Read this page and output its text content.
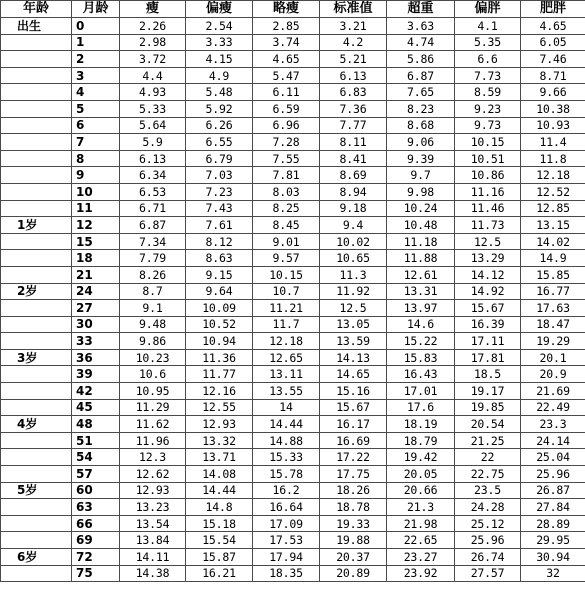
年龄	月龄	瘦	偏瘦	略瘦	标准值	超重	偏胖	肥胖
出生	0	2.26	2.54	2.85	3.21	3.63	4.1	4.65
	1	2.98	3.33	3.74	4.2	4.74	5.35	6.05
	2	3.72	4.15	4.65	5.21	5.86	6.6	7.46
	3	4.4	4.9	5.47	6.13	6.87	7.73	8.71
	4	4.93	5.48	6.11	6.83	7.65	8.59	9.66
	5	5.33	5.92	6.59	7.36	8.23	9.23	10.38
	6	5.64	6.26	6.96	7.77	8.68	9.73	10.93
	7	5.9	6.55	7.28	8.11	9.06	10.15	11.4
	8	6.13	6.79	7.55	8.41	9.39	10.51	11.8
	9	6.34	7.03	7.81	8.69	9.7	10.86	12.18
	10	6.53	7.23	8.03	8.94	9.98	11.16	12.52
	11	6.71	7.43	8.25	9.18	10.24	11.46	12.85
1岁	12	6.87	7.61	8.45	9.4	10.48	11.73	13.15
	15	7.34	8.12	9.01	10.02	11.18	12.5	14.02
	18	7.79	8.63	9.57	10.65	11.88	13.29	14.9
	21	8.26	9.15	10.15	11.3	12.61	14.12	15.85
2岁	24	8.7	9.64	10.7	11.92	13.31	14.92	16.77
	27	9.1	10.09	11.21	12.5	13.97	15.67	17.63
	30	9.48	10.52	11.7	13.05	14.6	16.39	18.47
	33	9.86	10.94	12.18	13.59	15.22	17.11	19.29
3岁	36	10.23	11.36	12.65	14.13	15.83	17.81	20.1
	39	10.6	11.77	13.11	14.65	16.43	18.5	20.9
	42	10.95	12.16	13.55	15.16	17.01	19.17	21.69
	45	11.29	12.55	14	15.67	17.6	19.85	22.49
4岁	48	11.62	12.93	14.44	16.17	18.19	20.54	23.3
	51	11.96	13.32	14.88	16.69	18.79	21.25	24.14
	54	12.3	13.71	15.33	17.22	19.42	22	25.04
	57	12.62	14.08	15.78	17.75	20.05	22.75	25.96
5岁	60	12.93	14.44	16.2	18.26	20.66	23.5	26.87
	63	13.23	14.8	16.64	18.78	21.3	24.28	27.84
	66	13.54	15.18	17.09	19.33	21.98	25.12	28.89
	69	13.84	15.54	17.53	19.88	22.65	25.96	29.95
6岁	72	14.11	15.87	17.94	20.37	23.27	26.74	30.94
	75	14.38	16.21	18.35	20.89	23.92	27.57	32
